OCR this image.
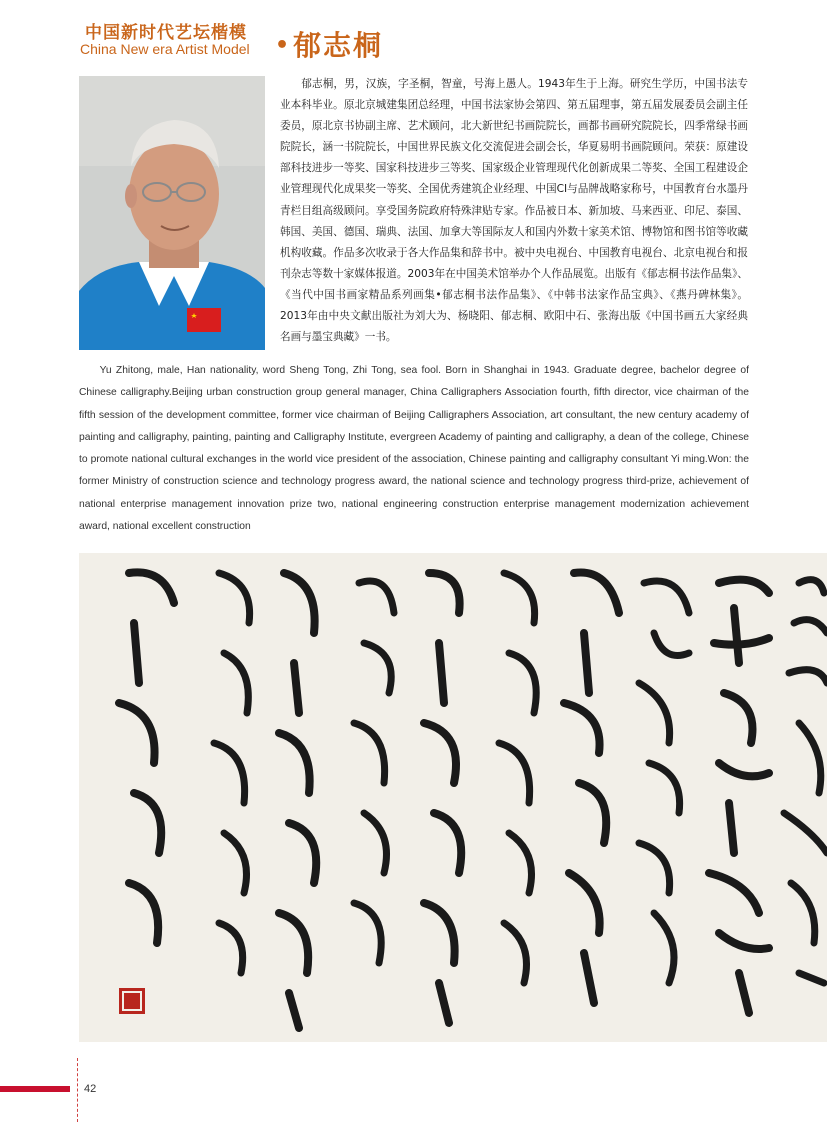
中国新时代艺坛楷模
China New era Artist Model • 郁志桐

郁志桐，男，汉族，字圣桐，智童，号海上愚人。1943年生于上海。研究生学历，中国书法专业本科毕业。原北京城建集团总经理，中国书法家协会第四、第五届理事，第五届发展委员会副主任委员，原北京书协副主席、艺术顾问，北大新世纪书画院院长，画都书画研究院院长，四季常绿书画院院长，涵一书院院长，中国世界民族文化交流促进会副会长，华夏易明书画院顾问。荣获：原建设部科技进步一等奖、国家科技进步三等奖、国家级企业管理现代化创新成果二等奖、全国工程建设企业管理现代化成果奖一等奖、全国优秀建筑企业经理、中国CI与品牌战略家称号，中国教育台水墨丹青栏目组高级顾问。享受国务院政府特殊津贴专家。作品被日本、新加坡、马来西亚、印尼、泰国、韩国、美国、德国、瑞典、法国、加拿大等国际友人和国内外数十家美术馆、博物馆和图书馆等收藏机构收藏。作品多次收录于各大作品集和辞书中。被中央电视台、中国教育电视台、北京电视台和报刊杂志等数十家媒体报道。2003年在中国美术馆举办个人作品展览。出版有《郁志桐书法作品集》、《当代中国书画家精品系列画集•郁志桐书法作品集》、《中韩书法家作品宝典》、《燕丹碑林集》。2013年由中央文献出版社为刘大为、杨晓阳、郁志桐、欧阳中石、张海出版《中国书画五大家经典名画与墨宝典藏》一书。

Yu Zhitong, male, Han nationality, word Sheng Tong, Zhi Tong, sea fool. Born in Shanghai in 1943. Graduate degree, bachelor degree of Chinese calligraphy.Beijing urban construction group general manager, China Calligraphers Association fourth, fifth director, vice chairman of the fifth session of the development committee, former vice chairman of Beijing Calligraphers Association, art consultant, the new century academy of painting and calligraphy, painting, painting and Calligraphy Institute, evergreen Academy of painting and calligraphy, a dean of the college, Chinese to promote national cultural exchanges in the world vice president of the association, Chinese painting and calligraphy consultant Yi ming.Won: the former Ministry of construction science and technology progress award, the national science and technology progress third-prize, achievement of national enterprise management innovation prize two, national engineering construction enterprise management modernization achievement award, national excellent construction

42
